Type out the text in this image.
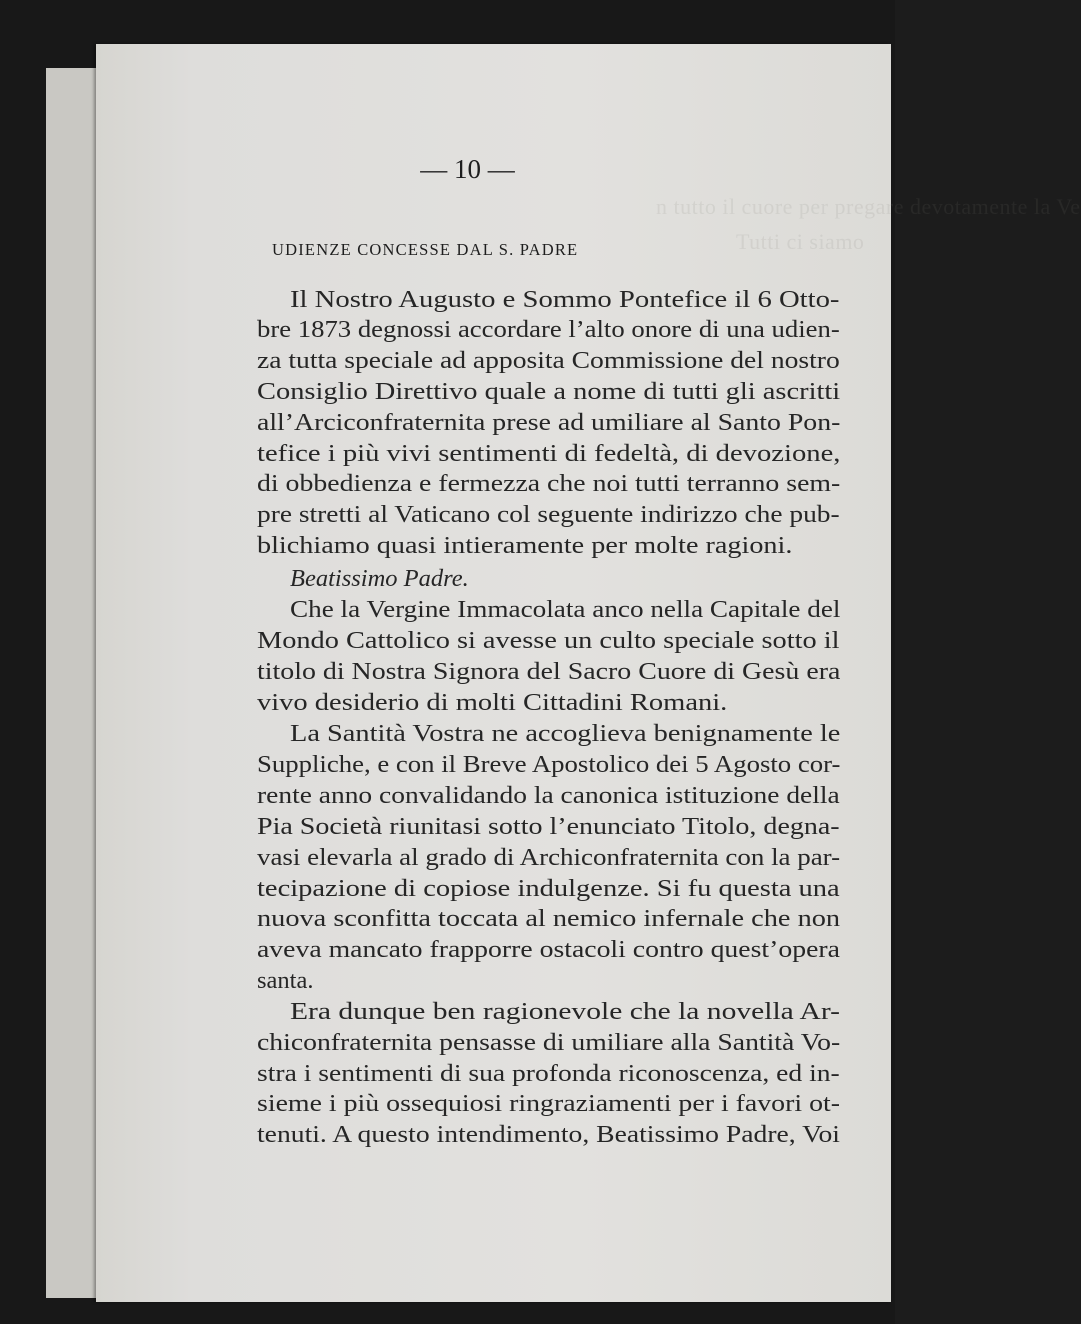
n tutto il cuore per pregare devotamente la Ve
Tutti ci siamo
— 10 —
UDIENZE CONCESSE DAL S. PADRE
Il Nostro Augusto e Sommo Pontefice il 6 Otto-
bre 1873 degnossi accordare l’alto onore di una udien-
za tutta speciale ad apposita Commissione del nostro
Consiglio Direttivo quale a nome di tutti gli ascritti
all’Arciconfraternita prese ad umiliare al Santo Pon-
tefice i più vivi sentimenti di fedeltà, di devozione,
di obbedienza e fermezza che noi tutti terranno sem-
pre stretti al Vaticano col seguente indirizzo che pub-
blichiamo quasi intieramente per molte ragioni.
Beatissimo Padre.
Che la Vergine Immacolata anco nella Capitale del
Mondo Cattolico si avesse un culto speciale sotto il
titolo di Nostra Signora del Sacro Cuore di Gesù era
vivo desiderio di molti Cittadini Romani.
La Santità Vostra ne accoglieva benignamente le
Suppliche, e con il Breve Apostolico dei 5 Agosto cor-
rente anno convalidando la canonica istituzione della
Pia Società riunitasi sotto l’enunciato Titolo, degna-
vasi elevarla al grado di Archiconfraternita con la par-
tecipazione di copiose indulgenze. Si fu questa una
nuova sconfitta toccata al nemico infernale che non
aveva mancato frapporre ostacoli contro quest’opera
santa.
Era dunque ben ragionevole che la novella Ar-
chiconfraternita pensasse di umiliare alla Santità Vo-
stra i sentimenti di sua profonda riconoscenza, ed in-
sieme i più ossequiosi ringraziamenti per i favori ot-
tenuti. A questo intendimento, Beatissimo Padre, Voi
